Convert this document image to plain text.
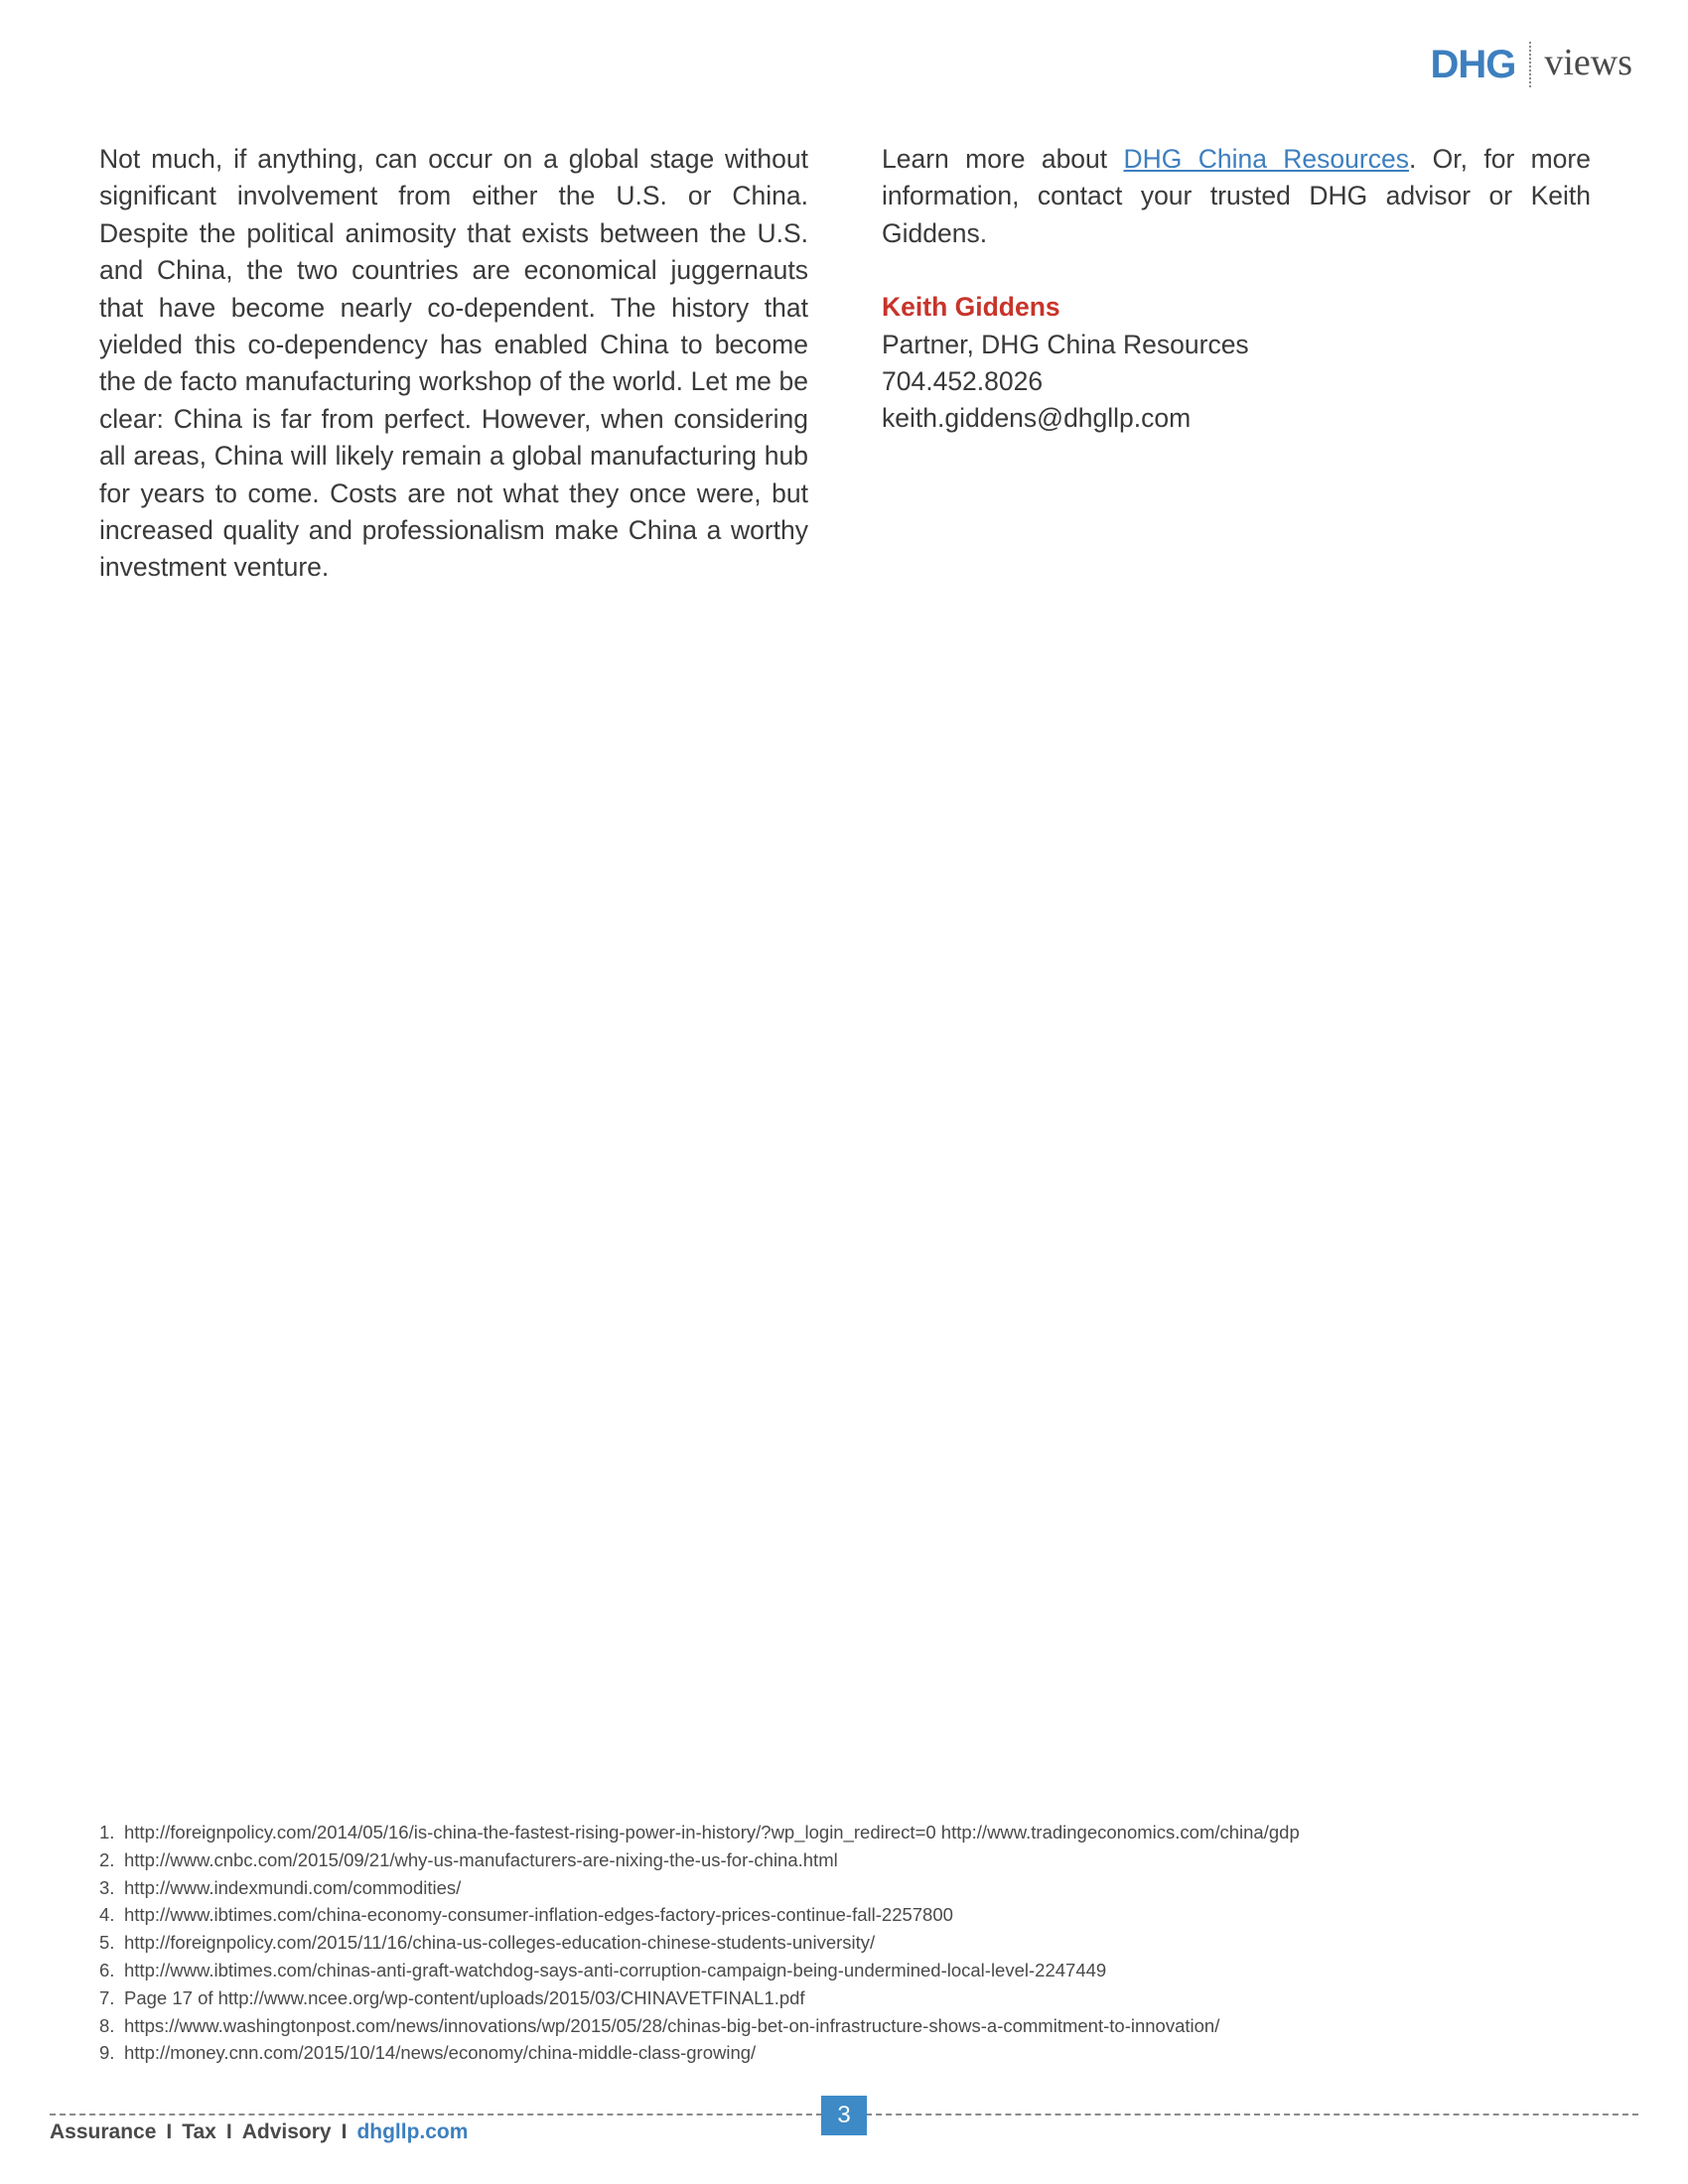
DHG views

Not much, if anything, can occur on a global stage without significant involvement from either the U.S. or China. Despite the political animosity that exists between the U.S. and China, the two countries are economical juggernauts that have become nearly co-dependent. The history that yielded this co-dependency has enabled China to become the de facto manufacturing workshop of the world. Let me be clear: China is far from perfect. However, when considering all areas, China will likely remain a global manufacturing hub for years to come. Costs are not what they once were, but increased quality and professionalism make China a worthy investment venture.

Learn more about DHG China Resources. Or, for more information, contact your trusted DHG advisor or Keith Giddens.

Keith Giddens
Partner, DHG China Resources
704.452.8026
keith.giddens@dhgllp.com
1. http://foreignpolicy.com/2014/05/16/is-china-the-fastest-rising-power-in-history/?wp_login_redirect=0 http://www.tradingeconomics.com/china/gdp
2. http://www.cnbc.com/2015/09/21/why-us-manufacturers-are-nixing-the-us-for-china.html
3. http://www.indexmundi.com/commodities/
4. http://www.ibtimes.com/china-economy-consumer-inflation-edges-factory-prices-continue-fall-2257800
5. http://foreignpolicy.com/2015/11/16/china-us-colleges-education-chinese-students-university/
6. http://www.ibtimes.com/chinas-anti-graft-watchdog-says-anti-corruption-campaign-being-undermined-local-level-2247449
7. Page 17 of http://www.ncee.org/wp-content/uploads/2015/03/CHINAVETFINAL1.pdf
8. https://www.washingtonpost.com/news/innovations/wp/2015/05/28/chinas-big-bet-on-infrastructure-shows-a-commitment-to-innovation/
9. http://money.cnn.com/2015/10/14/news/economy/china-middle-class-growing/
3
Assurance I Tax I Advisory I dhgllp.com
